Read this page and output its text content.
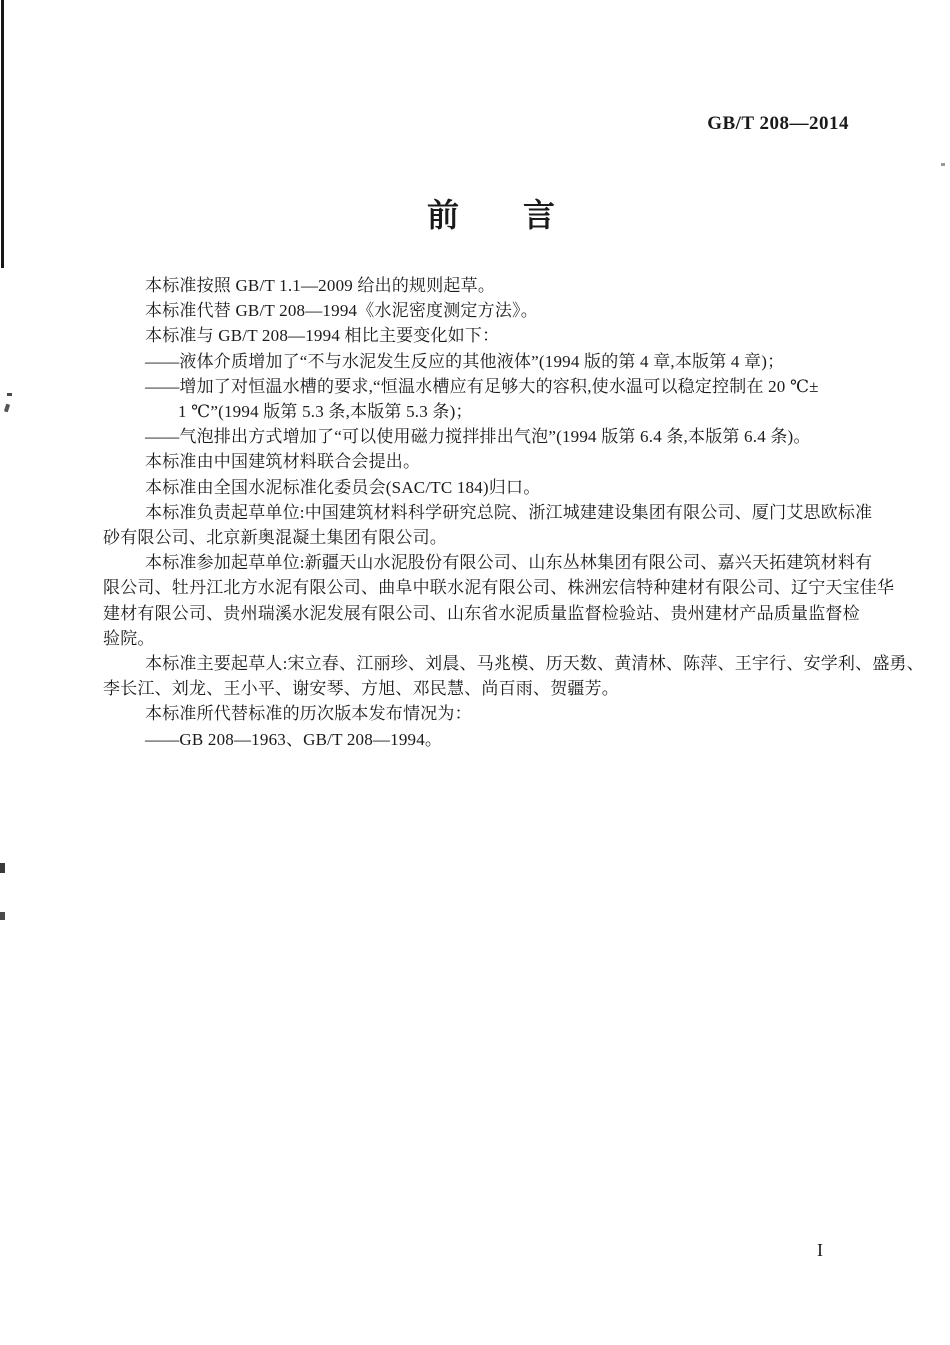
GB/T 208—2014
前　　言
本标准按照 GB/T 1.1—2009 给出的规则起草。
本标准代替 GB/T 208—1994《水泥密度测定方法》。
本标准与 GB/T 208—1994 相比主要变化如下：
——液体介质增加了“不与水泥发生反应的其他液体”(1994 版的第 4 章,本版第 4 章)；
——增加了对恒温水槽的要求,“恒温水槽应有足够大的容积,使水温可以稳定控制在 20 ℃±
1 ℃”(1994 版第 5.3 条,本版第 5.3 条)；
——气泡排出方式增加了“可以使用磁力搅拌排出气泡”(1994 版第 6.4 条,本版第 6.4 条)。
本标准由中国建筑材料联合会提出。
本标准由全国水泥标准化委员会(SAC/TC 184)归口。
本标准负责起草单位:中国建筑材料科学研究总院、浙江城建建设集团有限公司、厦门艾思欧标准
砂有限公司、北京新奥混凝土集团有限公司。
本标准参加起草单位:新疆天山水泥股份有限公司、山东丛林集团有限公司、嘉兴天拓建筑材料有
限公司、牡丹江北方水泥有限公司、曲阜中联水泥有限公司、株洲宏信特种建材有限公司、辽宁天宝佳华
建材有限公司、贵州瑞溪水泥发展有限公司、山东省水泥质量监督检验站、贵州建材产品质量监督检
验院。
本标准主要起草人:宋立春、江丽珍、刘晨、马兆模、历天数、黄清林、陈萍、王宇行、安学利、盛勇、
李长江、刘龙、王小平、谢安琴、方旭、邓民慧、尚百雨、贺疆芳。
本标准所代替标准的历次版本发布情况为：
——GB 208—1963、GB/T 208—1994。
I
